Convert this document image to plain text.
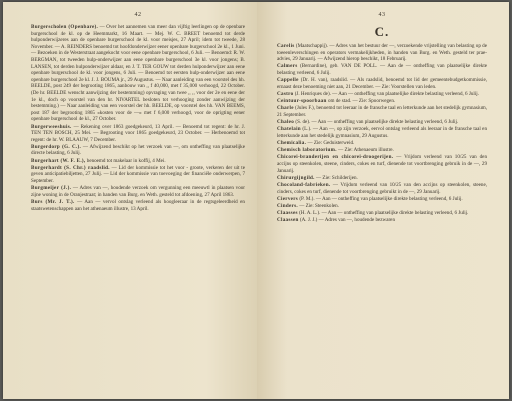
42

Burgerscholen (Openbare). — Over het aannemen van meer dan vijftig leerlingen op de openbare burgerschool 4e kl. op de Heemmarkt, 16 Maart. — Mej. W. C. BREET benoemd tot derde hulponderwijzeres aan de openbare burgerschool 4e kl. voor meisjes, 27 April; idem tot tweede, 28 November. — A. REINDERS benoemd tot hoofdonderwijzer eener openbare burgerschool 2e kl., 1 Juni. — Bezoeken in de Westerstraat aangekocht voor eene openbare burgerschool, 6 Juli. — Benoemd: R. W. BERGMAN, tot tweeden hulp-onderwijzer aan eene openbare burgerschool 3e kl. voor jongens; B. LANSEN, tot derden hulponderwijzer aldaar, en J. T. TER GOUW tot derden hulponderwijzer aan eene openbare burgerschool 4e kl. voor jongens, 6 Juli. — Benoemd tot eersten hulp-onderwijzer aan eene openbare burgerschool 2e kl. J. J. BOUMA jr., 29 Augustus. — Naar aanleiding van een voorstel des hh. BEELDE, post 249 der begrooting 1865, aanbouw van ,, f 40,000, met f 35,000 verhoogd, 22 October. (De hr. BEELDE wenscht aanwijzing der bestemming) opvraging van twee ,, ,, voor der 2e en eene der 1e kl., doch op voorstel van den hr. NIVARTEL besloten tot verhooging zonder aanwijzing der bestemming.) — Naar aanleiding van een voorstel der hh. BEELDE, op voorstel des hh. VAN BEEMS, post 187 der begrooting 1865 «kosten voor de —» met f 6,000 verhoogd, voor de oprigting eener openbare burgerschool 4e kl., 27 October.

Burgerweeshuis. — Rekening over 1863 goedgekeurd, 13 April. — Benoemd tot regent: de hr. J. TEN TEN BOSCH, 25 Mei. — Begrooting voor 1865 goedgekeurd, 23 October. — Herbenoemd tot regent: de hr. W. BLAAUW, 7 December.

Burgerdorp (G. C.). — Afwijzend beschikt op het verzoek van —, om ontheffing van plaatselijke directe belasting, 6 Julij.

Burgerhart (W. F. E.), benoemd tot makelaar in koffij, 4 Mei.

Burgerhardt (S. Chr.) raadslid. — Lid der kommissie tot het voor - groote, verkeren der uit te geven anticipatiebiljetten, 27 Julij. — Lid der kommissie van toevoeging der financiële onderwerpen, 7 September.

Burgmeijer (J.). — Adres van —, houdende verzoek om vergunning een meeuwtl in plaatsen voor zijne woning in de Oranjestraat; in handen van Burg. en Weth. gesteld tot afdoening, 27 April 1863.

Burs (Mr. J. T.). — Aan — vervol ontslag verleend als hoogleeraar in de regtsgeleerdheid en staatswetenschappen aan het athenaeum illustre, 13 April.

43
C.

Carelis (Maatschappij). — Adres van het bestuur der —, verzoekende vrijstelling van belasting op de toeeenleverschingen en operators vermakelijkheden, in handen van Burg. en Weth. gesteld ter prae-advies, 29 Januarij. — Afwijzend hierop beschikt, 18 Februarij.

Calmers (Bernardine), geb. VAN DE POLL. — Aan de — ontheffing van plaatselijke direkte belasting verleend, 6 Julij.

Cappelle (Dr. H. van), raadslid. — Als raadslid, benoemd tot lid der gemeentebudgetkommissie, ernaast deze benoeming niet aan, 21 December. — Zie: Voorstellen van leden.

Castro (J. Henriques de). — Aan — ontheffing van plaatselijke direkte belasting verleend, 6 Julij.

Ceintuur-spoorbaan om de stad. — Zie: Spoorwegen.

Charle (Jules F.), benoemd tot leeraar in de fransche taal en letterkunde aan het stedelijk gymnasium, 21 September.

Chaleo (S. de). — Aan — ontheffing van plaatselijke direkte belasting verleend, 6 Julij.

Chatelain (L.). — Aan —, op zijn verzoek, eervol ontslag verleend als leeraar in de fransche taal en letterkunde aan het stedelijk gymnasium, 29 Augustus.

Chemicalia. — Zie: Geduisterweid.

Chemisch laboratorium. — Zie: Athenaeum illustre.

Chicorei-branderijen en chicorei-droogerijen. — Vrijdom verleend van 10/25 van den accijns op steenkolen, steene, cinders, cokes en turf, dienende tot voortbrenging gebruik in de —, 29 Januarij.

Chirurgijngild. — Zie: Schilderijen.

Chocoland-fabrieken. — Vrijdom verleend van 10/25 van den accijns op steenkolen, steene, cinders, cokes en turf, dienende tot voortbrenging gebruikt in de —, 29 Januarij.

Ciervers (P. M.). — Aan — ontheffing van plaatselijke direkte belasting verleend, 6 Julij.

Cinders. — Zie: Steenkolen.

Claasses (H. A. L.). — Aan — ontheffing van plaatselijke direkte belasting verleend, 6 Julij.

Claassen (A. J. J.) — Adres van —, houdende bezwaren
